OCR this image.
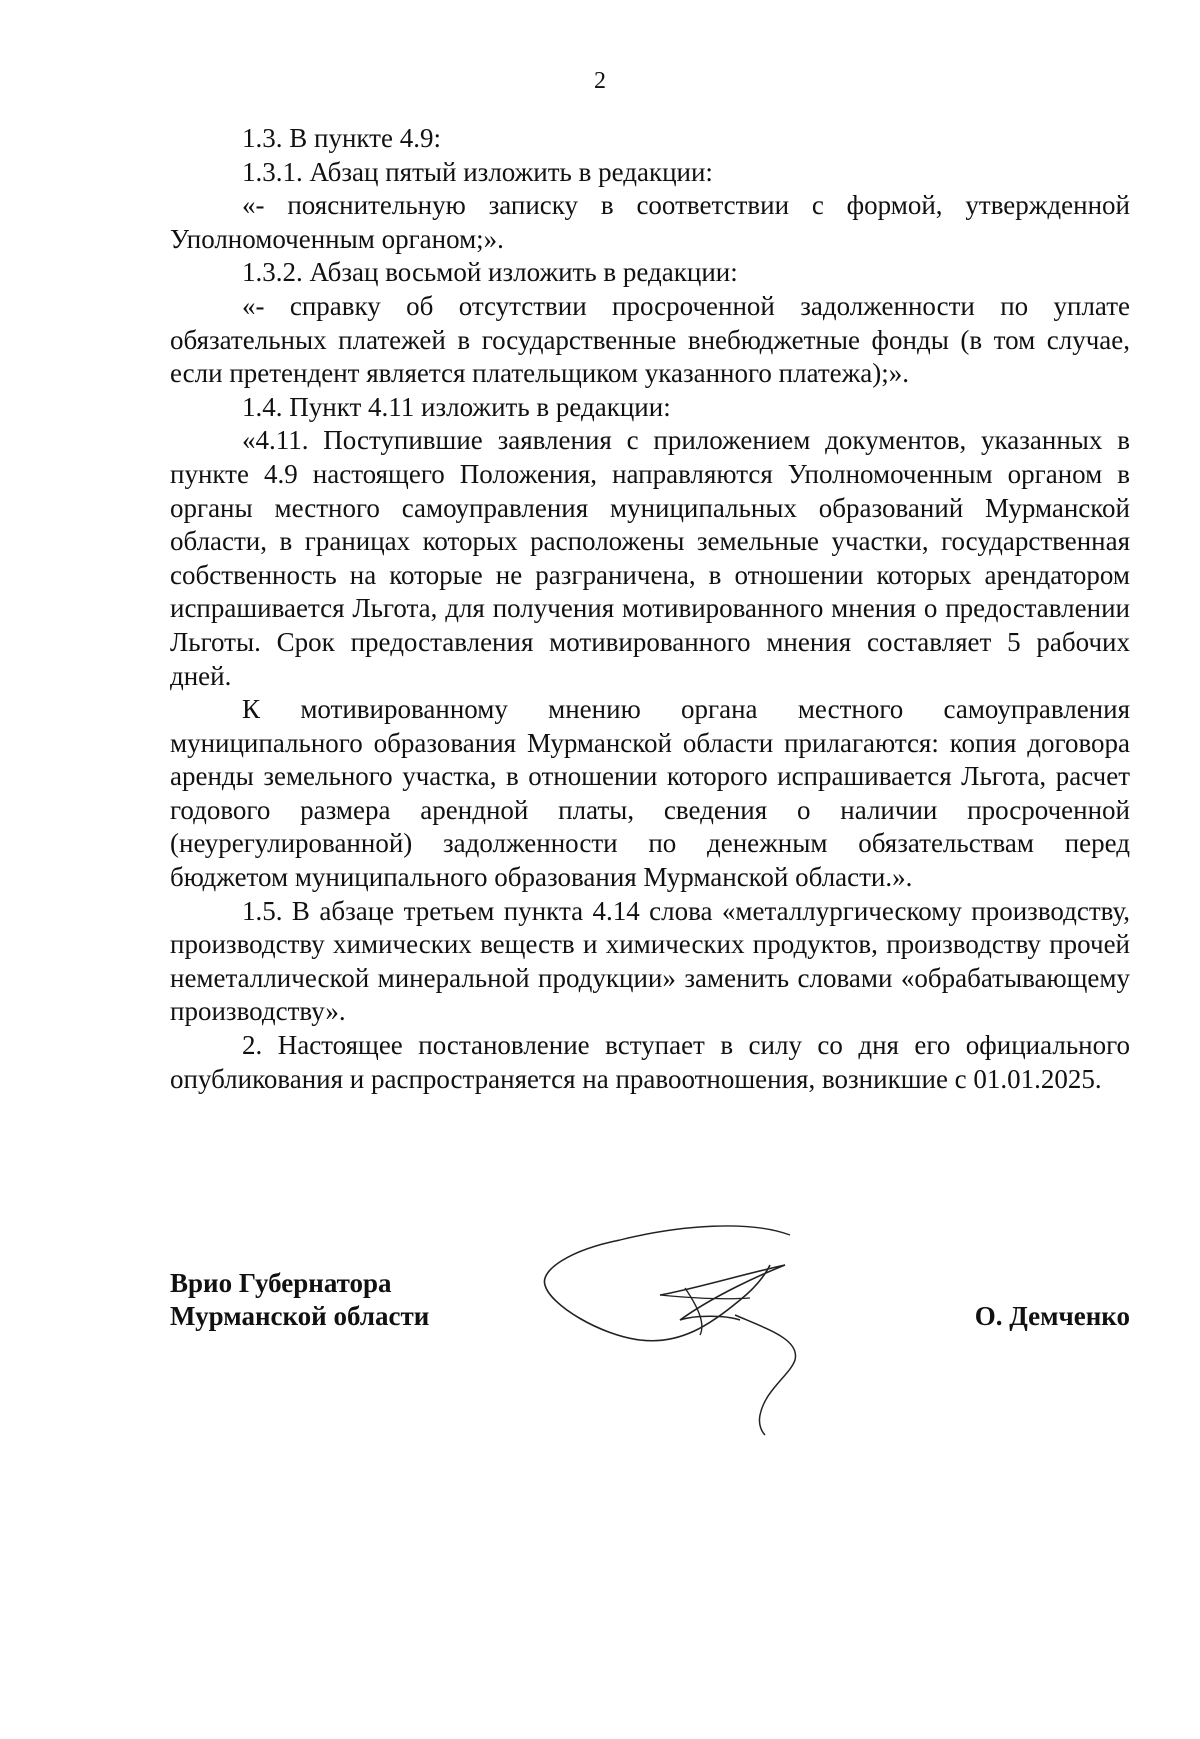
2

1.3. В пункте 4.9:

1.3.1. Абзац пятый изложить в редакции:

«- пояснительную записку в соответствии с формой, утвержденной Уполномоченным органом;».

1.3.2. Абзац восьмой изложить в редакции:

«- справку об отсутствии просроченной задолженности по уплате обязательных платежей в государственные внебюджетные фонды (в том случае, если претендент является плательщиком указанного платежа);».

1.4. Пункт 4.11 изложить в редакции:

«4.11. Поступившие заявления с приложением документов, указанных в пункте 4.9 настоящего Положения, направляются Уполномоченным органом в органы местного самоуправления муниципальных образований Мурманской области, в границах которых расположены земельные участки, государственная собственность на которые не разграничена, в отношении которых арендатором испрашивается Льгота, для получения мотивированного мнения о предоставлении Льготы. Срок предоставления мотивированного мнения составляет 5 рабочих дней.

К мотивированному мнению органа местного самоуправления муниципального образования Мурманской области прилагаются: копия договора аренды земельного участка, в отношении которого испрашивается Льгота, расчет годового размера арендной платы, сведения о наличии просроченной (неурегулированной) задолженности по денежным обязательствам перед бюджетом муниципального образования Мурманской области.».

1.5. В абзаце третьем пункта 4.14 слова «металлургическому производству, производству химических веществ и химических продуктов, производству прочей неметаллической минеральной продукции» заменить словами «обрабатывающему производству».

2. Настоящее постановление вступает в силу со дня его официального опубликования и распространяется на правоотношения, возникшие с 01.01.2025.

Врио Губернатора
Мурманской области	О. Демченко
